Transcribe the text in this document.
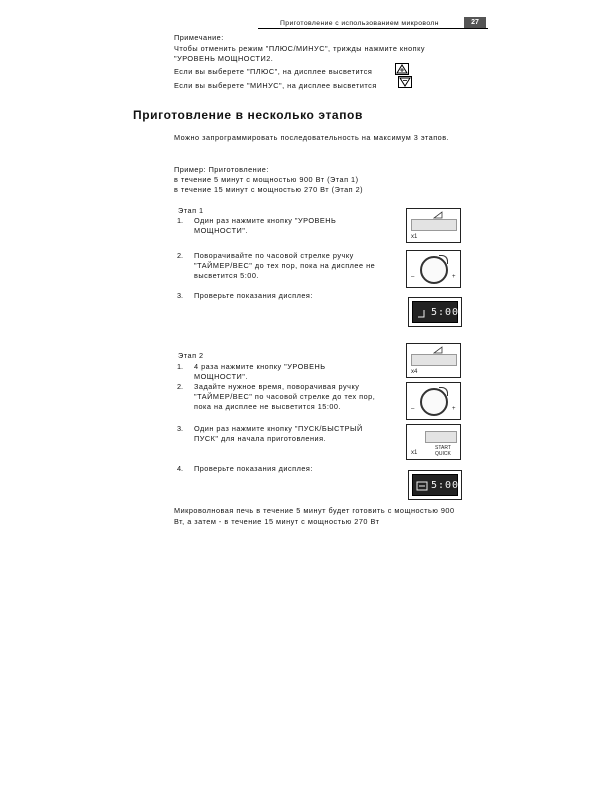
Приготовление с использованием микроволн	27
Примечание:
Чтобы отменить режим "ПЛЮС/МИНУС", трижды нажмите кнопку
"УРОВЕНЬ МОЩНОСТИ2.
Если вы выберете "ПЛЮС", на дисплее высветится
Если вы выберете "МИНУС", на дисплее высветится
Приготовление в несколько этапов
Можно запрограммировать последовательность на максимум 3 этапов.
Пример: Приготовление:
в течение 5 минут с мощностью 900 Вт (Этап 1)
в течение 15 минут с мощностью 270 Вт (Этап 2)
Этап 1
1. Один раз нажмите кнопку "УРОВЕНЬ
МОЩНОСТИ".
2. Поворачивайте по часовой стрелке ручку
"ТАЙМЕР/ВЕС" до тех пор, пока на дисплее не
высветится 5:00.
3. Проверьте показания дисплея:
x1
–	+
5:00
Этап 2
1. 4 раза нажмите кнопку "УРОВЕНЬ
МОЩНОСТИ".
2. Задайте нужное время, поворачивая ручку
"ТАЙМЕР/ВЕС" по часовой стрелке до тех пор,
пока на дисплее не высветится 15:00.
3. Один раз нажмите кнопку "ПУСК/БЫСТРЫЙ
ПУСК" для начала приготовления.
4. Проверьте показания дисплея:
x4
–	+
x1
START
QUICK
5:00
Микроволновая печь в течение 5 минут будет готовить с мощностью 900
Вт, а затем - в течение 15 минут с мощностью 270 Вт
